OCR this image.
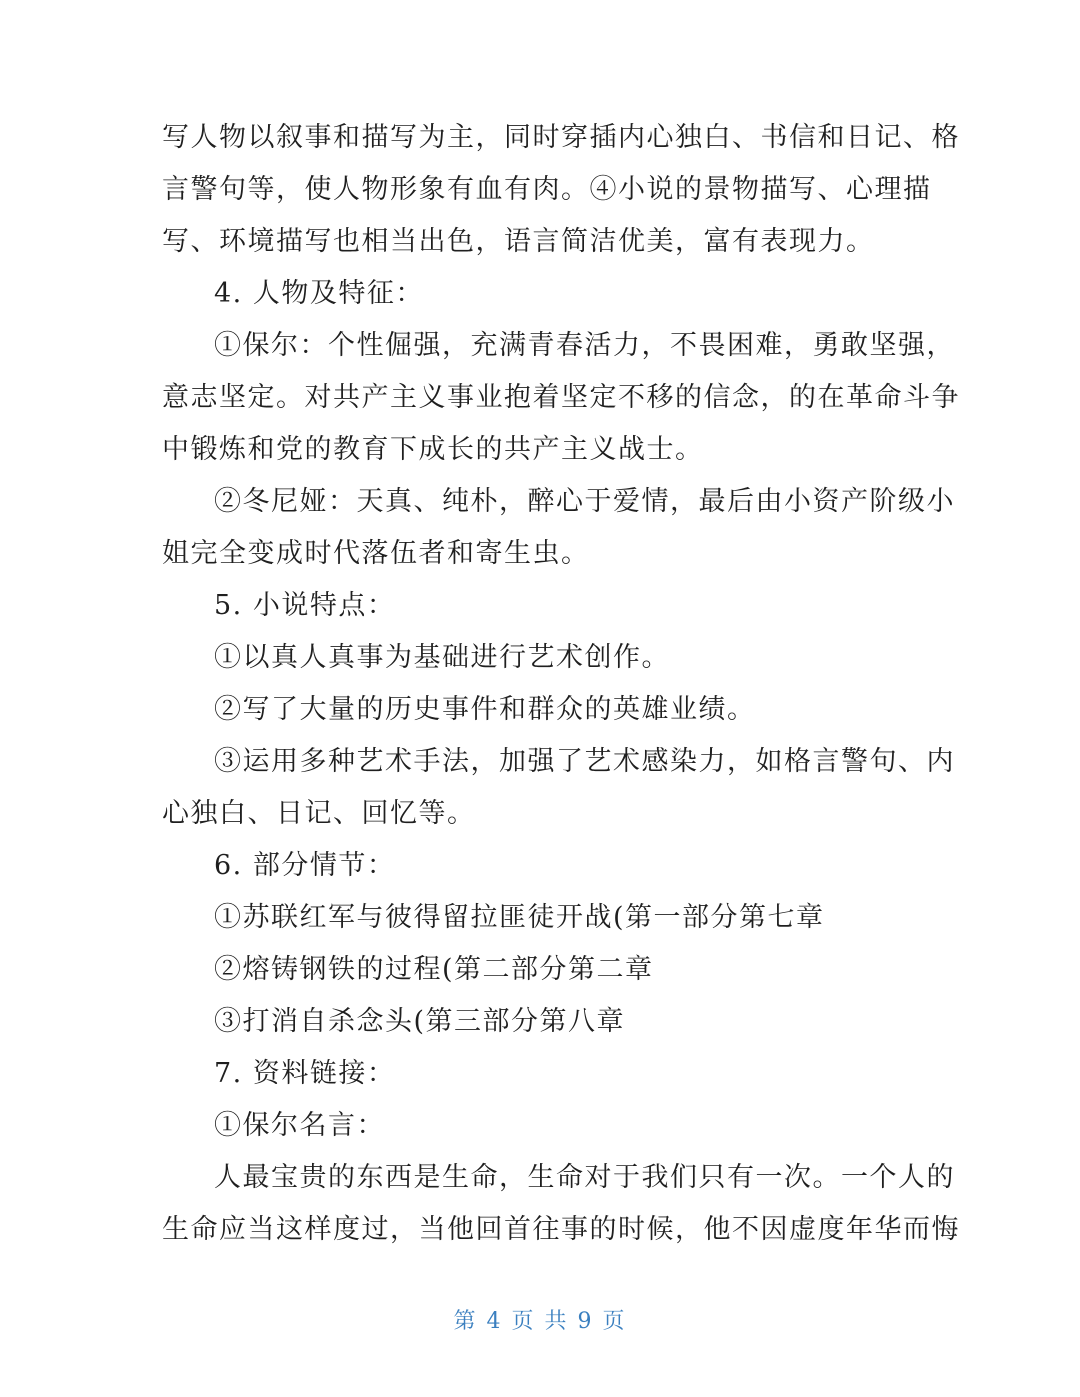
写人物以叙事和描写为主，同时穿插内心独白、书信和日记、格
言警句等，使人物形象有血有肉。④小说的景物描写、心理描
写、环境描写也相当出色，语言简洁优美，富有表现力。
4. 人物及特征：
①保尔：个性倔强，充满青春活力，不畏困难，勇敢坚强，
意志坚定。对共产主义事业抱着坚定不移的信念，的在革命斗争
中锻炼和党的教育下成长的共产主义战士。
②冬尼娅：天真、纯朴，醉心于爱情，最后由小资产阶级小
姐完全变成时代落伍者和寄生虫。
5. 小说特点：
①以真人真事为基础进行艺术创作。
②写了大量的历史事件和群众的英雄业绩。
③运用多种艺术手法，加强了艺术感染力，如格言警句、内
心独白、日记、回忆等。
6. 部分情节：
①苏联红军与彼得留拉匪徒开战(第一部分第七章
②熔铸钢铁的过程(第二部分第二章
③打消自杀念头(第三部分第八章
7. 资料链接：
①保尔名言：
人最宝贵的东西是生命，生命对于我们只有一次。一个人的
生命应当这样度过，当他回首往事的时候，他不因虚度年华而悔
第 4 页 共 9 页
